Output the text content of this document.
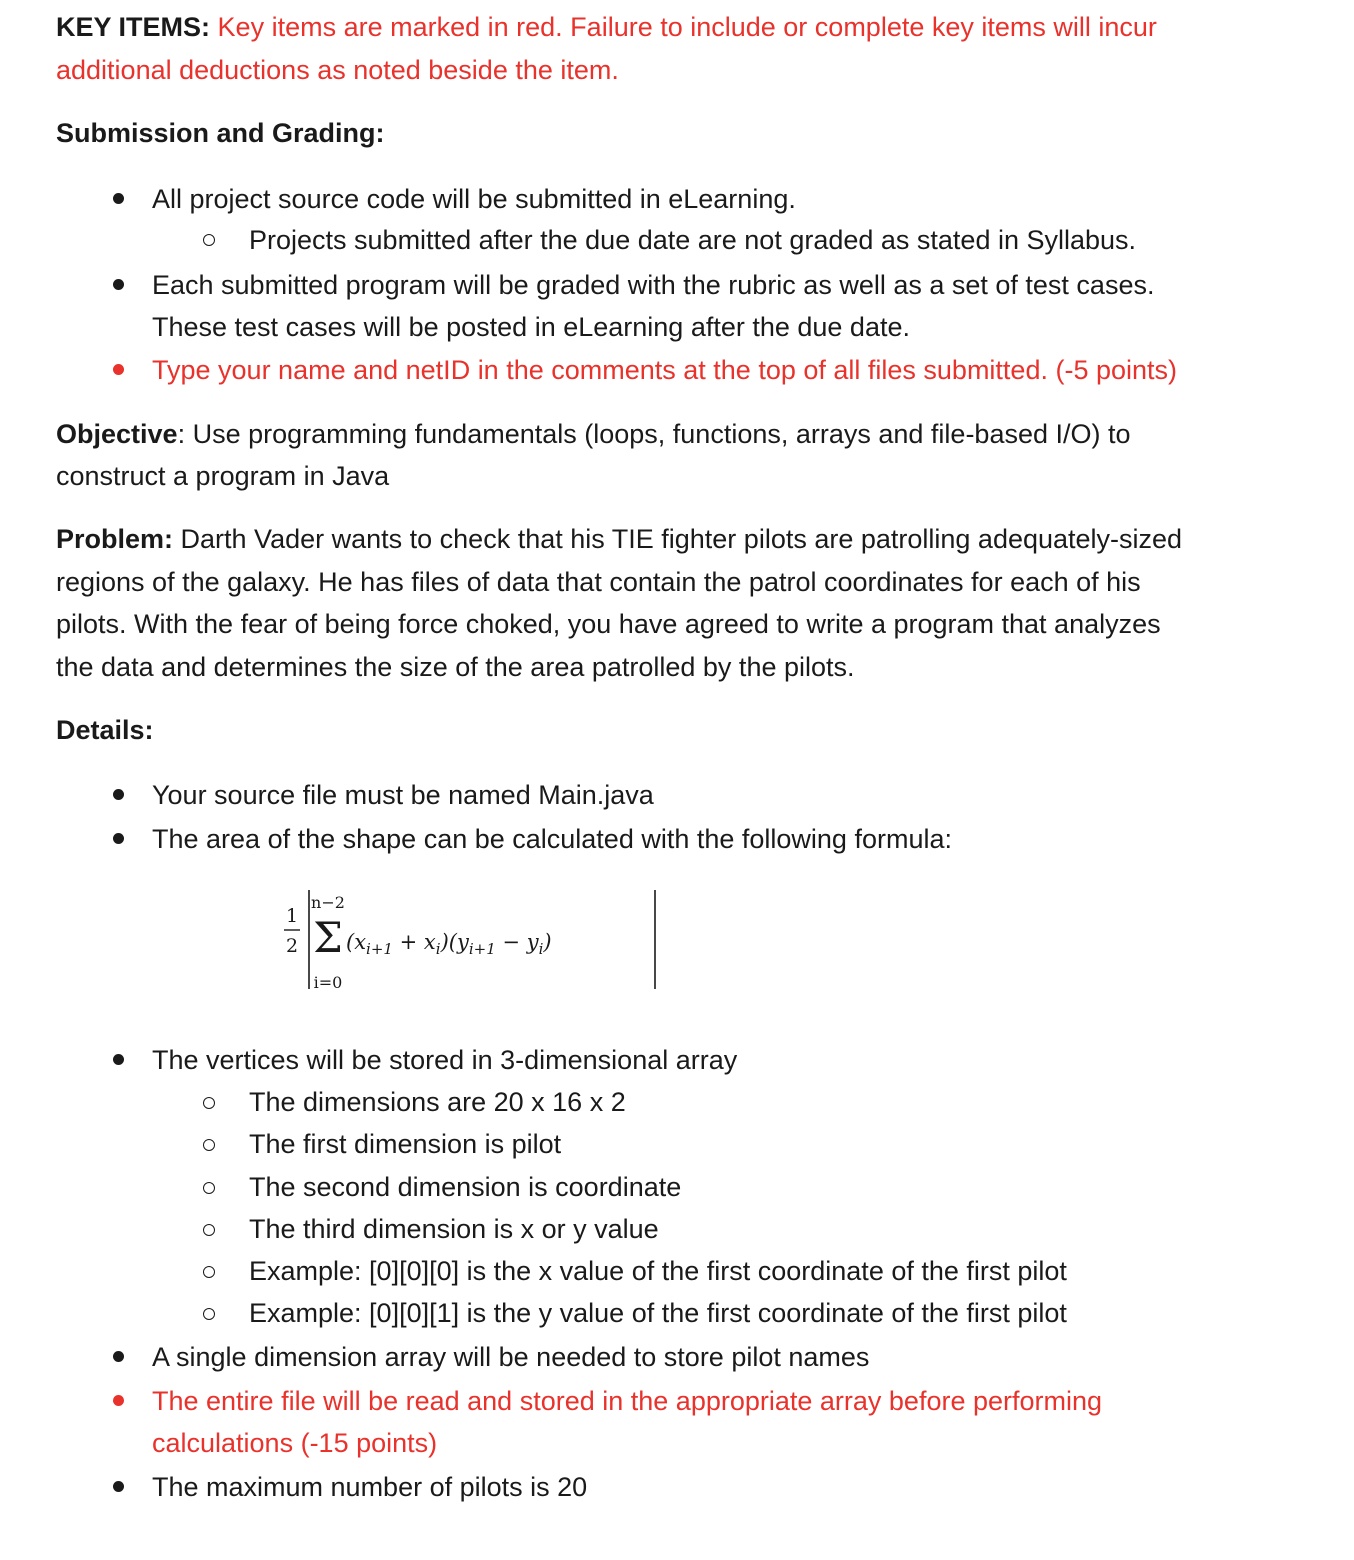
KEY ITEMS: Key items are marked in red. Failure to include or complete key items will incur
additional deductions as noted beside the item.
Submission and Grading:
All project source code will be submitted in eLearning.
Projects submitted after the due date are not graded as stated in Syllabus.
Each submitted program will be graded with the rubric as well as a set of test cases.
These test cases will be posted in eLearning after the due date.
Type your name and netID in the comments at the top of all files submitted. (-5 points)
Objective: Use programming fundamentals (loops, functions, arrays and file-based I/O) to
construct a program in Java
Problem: Darth Vader wants to check that his TIE fighter pilots are patrolling adequately-sized
regions of the galaxy. He has files of data that contain the patrol coordinates for each of his
pilots. With the fear of being force choked, you have agreed to write a program that analyzes
the data and determines the size of the area patrolled by the pilots.
Details:
Your source file must be named Main.java
The area of the shape can be calculated with the following formula:
1
2
n−2
Σ
i=0
$(x_{i+1} + x_i)(y_{i+1} - y_i)$
The vertices will be stored in 3-dimensional array
The dimensions are 20 x 16 x 2
The first dimension is pilot
The second dimension is coordinate
The third dimension is x or y value
Example: [0][0][0] is the x value of the first coordinate of the first pilot
Example: [0][0][1] is the y value of the first coordinate of the first pilot
A single dimension array will be needed to store pilot names
The entire file will be read and stored in the appropriate array before performing
calculations (-15 points)
The maximum number of pilots is 20
